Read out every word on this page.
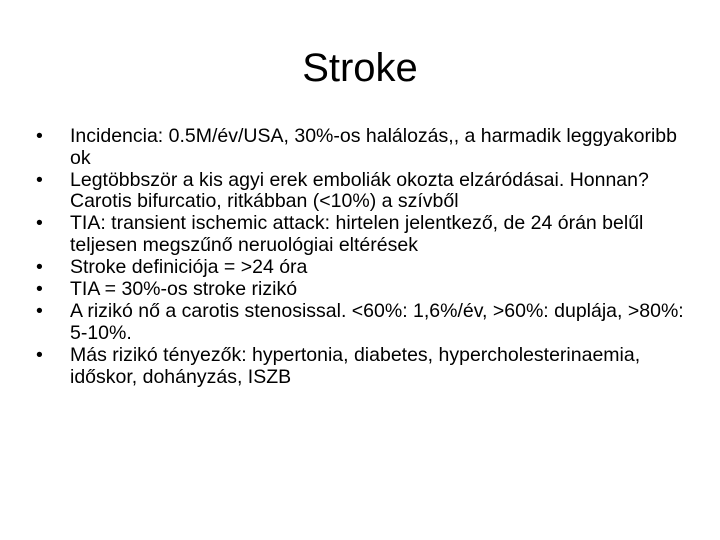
Stroke
•	Incidencia: 0.5M/év/USA, 30%-os halálozás,, a harmadik leggyakoribb ok
•	Legtöbbször a kis agyi erek emboliák okozta elzáródásai. Honnan? Carotis bifurcatio, ritkábban (<10%) a szívből
•	TIA: transient ischemic attack: hirtelen jelentkező, de 24 órán belűl teljesen megszűnő neruológiai eltérések
•	Stroke definiciója = >24 óra
•	TIA = 30%-os stroke rizikó
•	A rizikó nő a carotis stenosissal. <60%: 1,6%/év, >60%: duplája, >80%: 5-10%.
•	Más rizikó tényezők: hypertonia, diabetes, hypercholesterinaemia, időskor, dohányzás, ISZB
